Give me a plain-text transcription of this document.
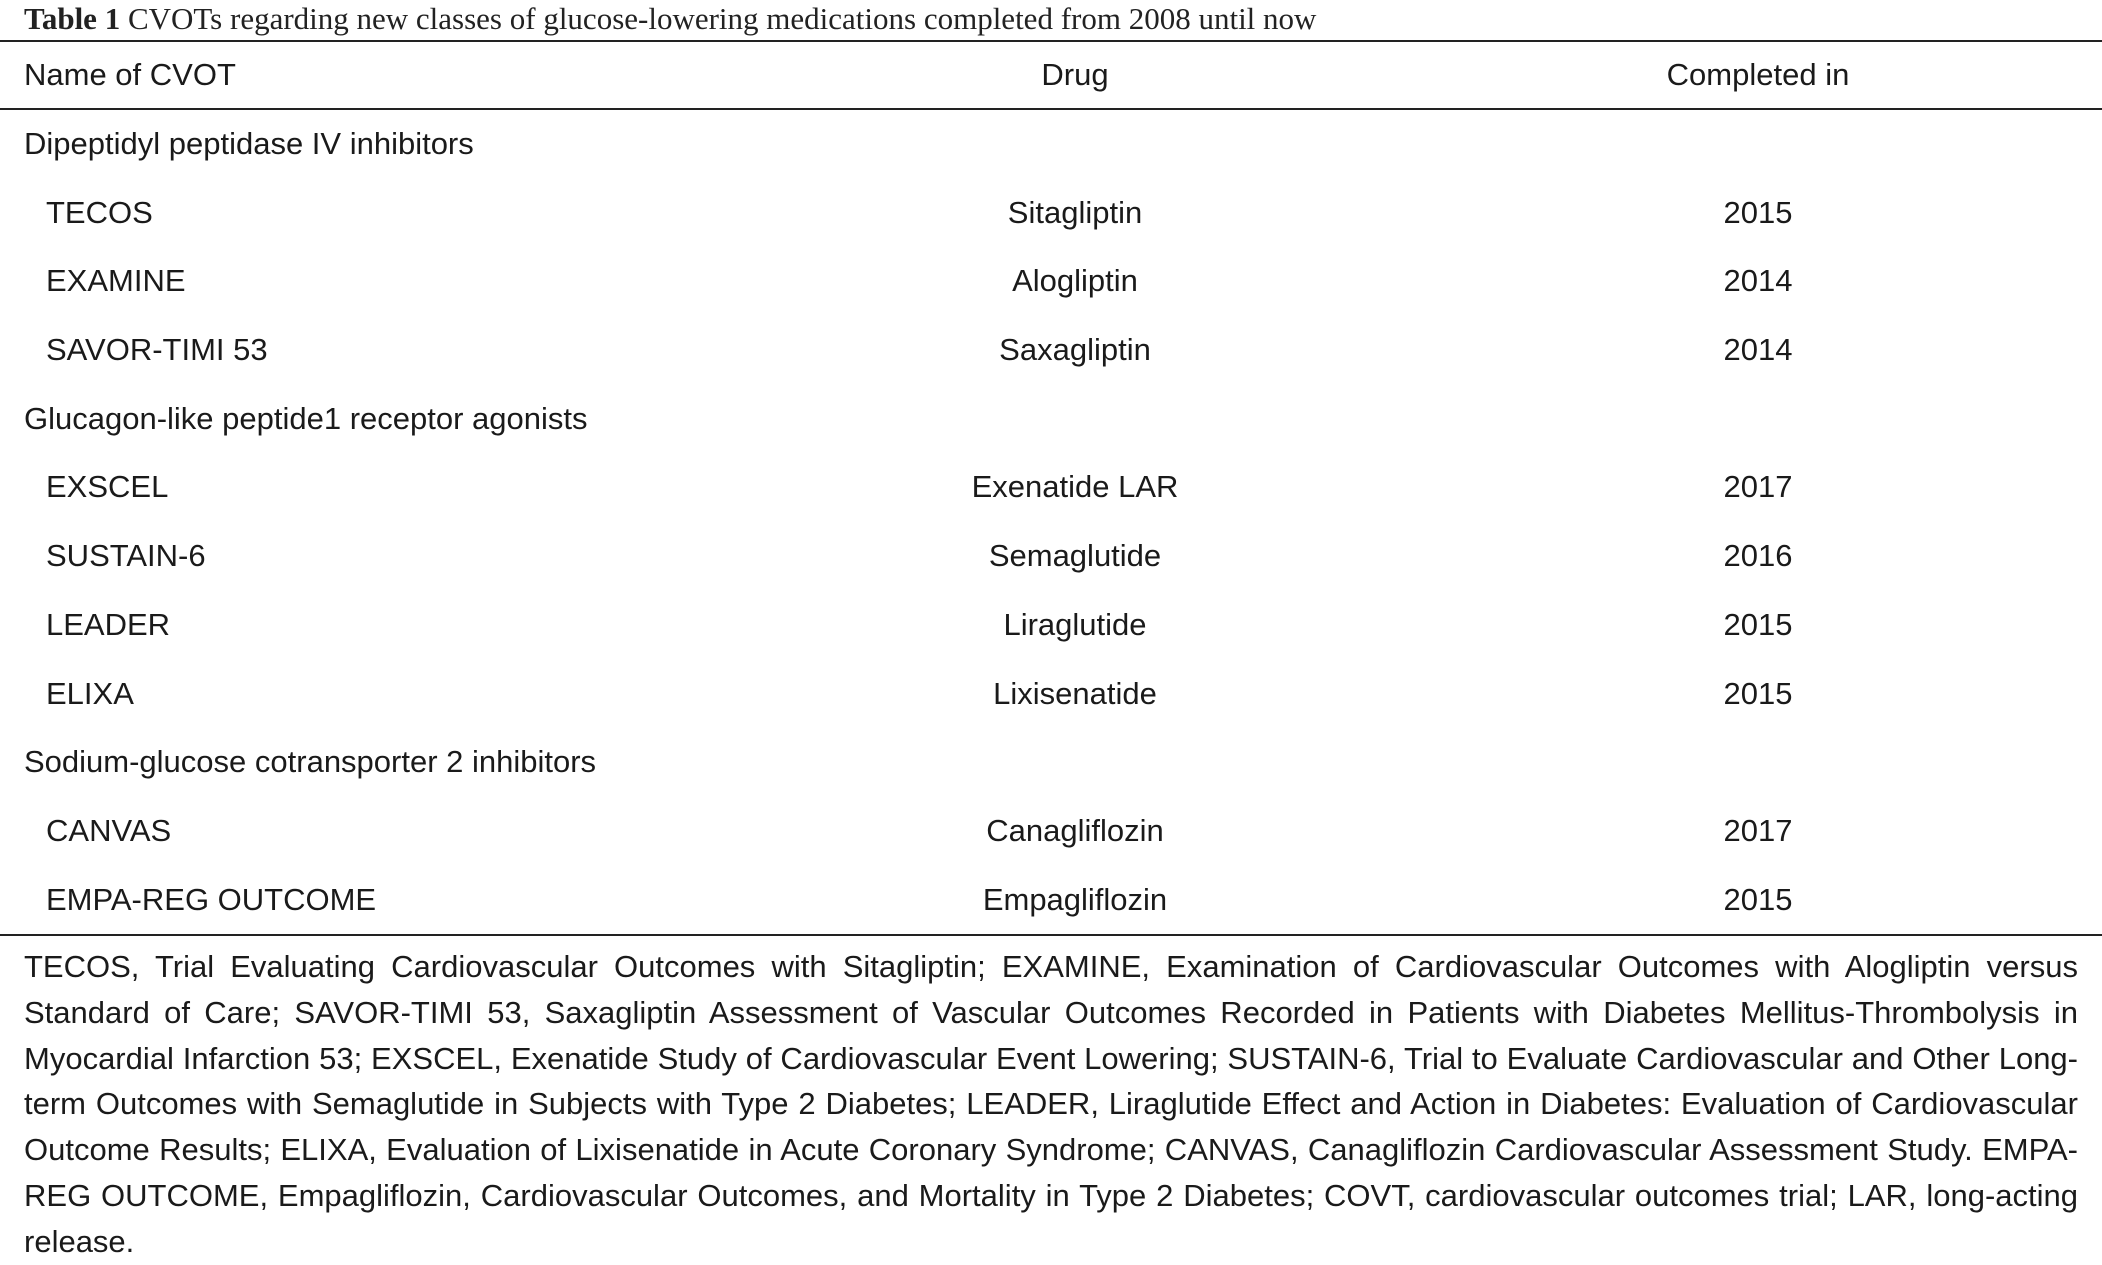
Table 1 CVOTs regarding new classes of glucose-lowering medications completed from 2008 until now
Name of CVOT	Drug	Completed in
Dipeptidyl peptidase IV inhibitors
TECOS	Sitagliptin	2015
EXAMINE	Alogliptin	2014
SAVOR-TIMI 53	Saxagliptin	2014
Glucagon-like peptide1 receptor agonists
EXSCEL	Exenatide LAR	2017
SUSTAIN-6	Semaglutide	2016
LEADER	Liraglutide	2015
ELIXA	Lixisenatide	2015
Sodium-glucose cotransporter 2 inhibitors
CANVAS	Canagliflozin	2017
EMPA-REG OUTCOME	Empagliflozin	2015
TECOS, Trial Evaluating Cardiovascular Outcomes with Sitagliptin; EXAMINE, Examination of Cardiovascular Outcomes with Alogliptin versus Standard of Care; SAVOR-TIMI 53, Saxagliptin Assessment of Vascular Outcomes Recorded in Patients with Diabetes Mellitus-Thrombolysis in Myocardial Infarction 53; EXSCEL, Exenatide Study of Cardiovascular Event Lowering; SUSTAIN-6, Trial to Evaluate Cardiovascular and Other Long-term Outcomes with Semaglutide in Subjects with Type 2 Diabetes; LEADER, Liraglutide Effect and Action in Diabetes: Evaluation of Cardiovascular Outcome Results; ELIXA, Evaluation of Lixisenatide in Acute Coronary Syndrome; CANVAS, Canagliflozin Cardiovascular Assessment Study. EMPA-REG OUTCOME, Empagliflozin, Cardiovascular Outcomes, and Mortality in Type 2 Diabetes; COVT, cardiovascular outcomes trial; LAR, long-acting release.
